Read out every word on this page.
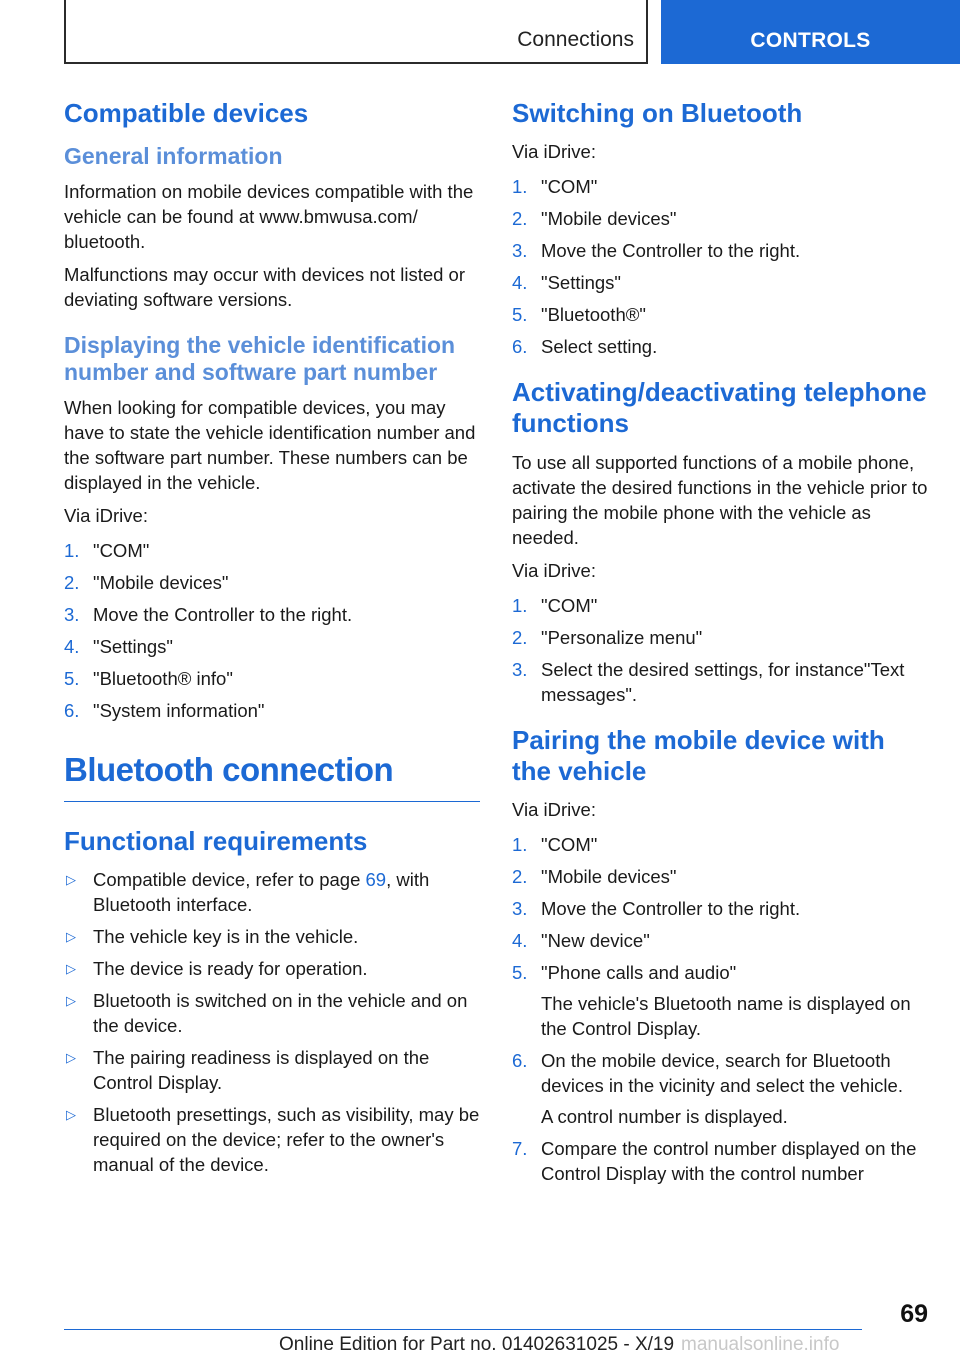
Connections	CONTROLS
Compatible devices
General information

Information on mobile devices compatible with the vehicle can be found at www.bmwusa.com/ bluetooth.

Malfunctions may occur with devices not listed or deviating software versions.

Displaying the vehicle identification number and software part number

When looking for compatible devices, you may have to state the vehicle identification number and the software part number. These numbers can be displayed in the vehicle.

Via iDrive:

1. "COM"
2. "Mobile devices"
3. Move the Controller to the right.
4. "Settings"
5. "Bluetooth® info"
6. "System information"
Bluetooth connection
Functional requirements
▷ Compatible device, refer to page 69, with Bluetooth interface.
▷ The vehicle key is in the vehicle.
▷ The device is ready for operation.
▷ Bluetooth is switched on in the vehicle and on the device.
▷ The pairing readiness is displayed on the Control Display.
▷ Bluetooth presettings, such as visibility, may be required on the device; refer to the owner's manual of the device.
Switching on Bluetooth

Via iDrive:

1. "COM"
2. "Mobile devices"
3. Move the Controller to the right.
4. "Settings"
5. "Bluetooth®"
6. Select setting.
Activating/deactivating telephone functions

To use all supported functions of a mobile phone, activate the desired functions in the vehicle prior to pairing the mobile phone with the vehicle as needed.

Via iDrive:

1. "COM"
2. "Personalize menu"
3. Select the desired settings, for instance"Text messages".
Pairing the mobile device with the vehicle

Via iDrive:

1. "COM"
2. "Mobile devices"
3. Move the Controller to the right.
4. "New device"
5. "Phone calls and audio"
The vehicle's Bluetooth name is displayed on the Control Display.
6. On the mobile device, search for Bluetooth devices in the vicinity and select the vehicle.
A control number is displayed.
7. Compare the control number displayed on the Control Display with the control number
69
Online Edition for Part no. 01402631025 - X/19 manualsonline.info
